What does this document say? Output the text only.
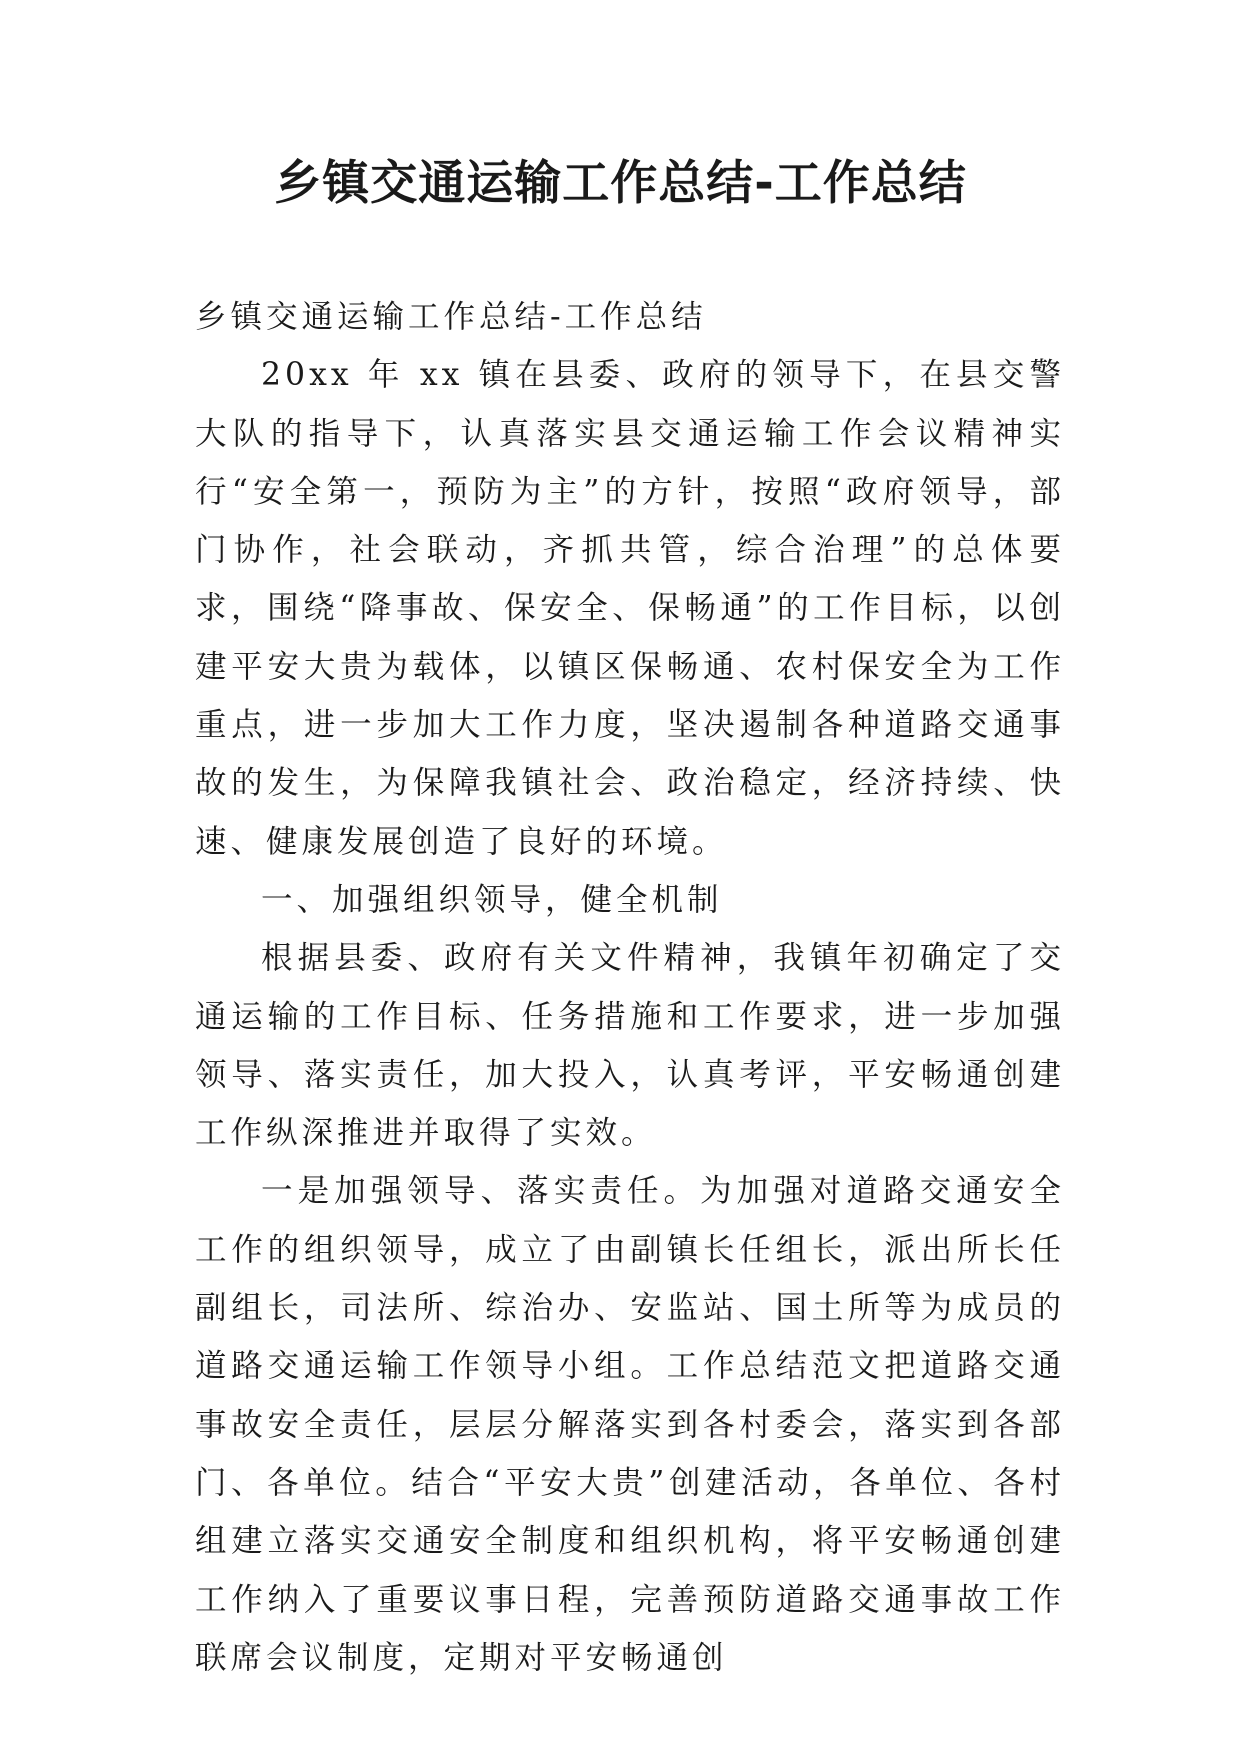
乡镇交通运输工作总结-工作总结

乡镇交通运输工作总结-工作总结

20xx 年 xx 镇在县委、政府的领导下，在县交警大队的指导下，认真落实县交通运输工作会议精神实行“安全第一，预防为主”的方针，按照“政府领导，部门协作，社会联动，齐抓共管，综合治理”的总体要求，围绕“降事故、保安全、保畅通”的工作目标，以创建平安大贵为载体，以镇区保畅通、农村保安全为工作重点，进一步加大工作力度，坚决遏制各种道路交通事故的发生，为保障我镇社会、政治稳定，经济持续、快速、健康发展创造了良好的环境。

一、加强组织领导，健全机制

根据县委、政府有关文件精神，我镇年初确定了交通运输的工作目标、任务措施和工作要求，进一步加强领导、落实责任，加大投入，认真考评，平安畅通创建工作纵深推进并取得了实效。

一是加强领导、落实责任。为加强对道路交通安全工作的组织领导，成立了由副镇长任组长，派出所长任副组长，司法所、综治办、安监站、国土所等为成员的道路交通运输工作领导小组。工作总结范文把道路交通事故安全责任，层层分解落实到各村委会，落实到各部门、各单位。结合“平安大贵”创建活动，各单位、各村组建立落实交通安全制度和组织机构，将平安畅通创建工作纳入了重要议事日程，完善预防道路交通事故工作联席会议制度，定期对平安畅通创
